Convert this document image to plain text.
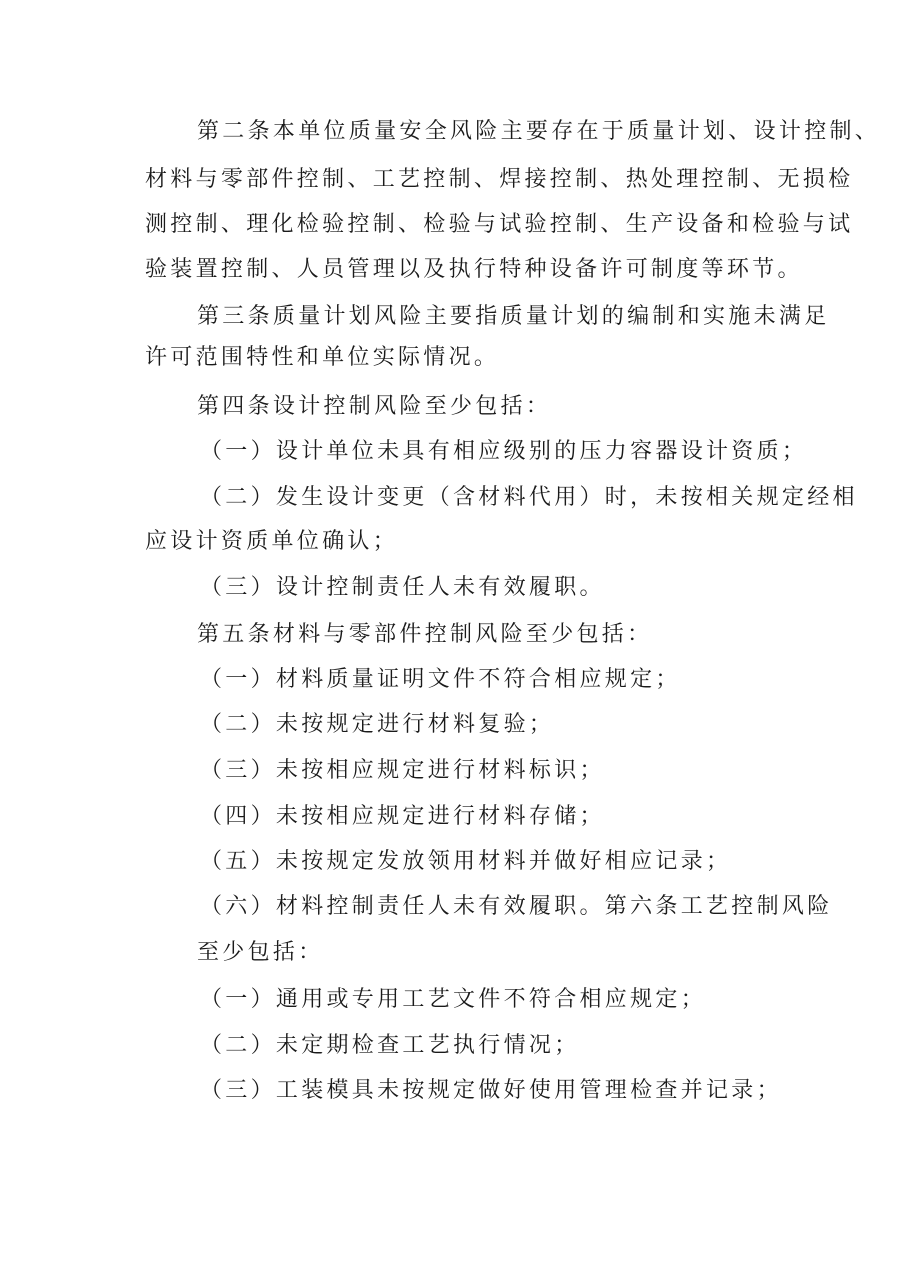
第二条本单位质量安全风险主要存在于质量计划、设计控制、
材料与零部件控制、工艺控制、焊接控制、热处理控制、无损检
测控制、理化检验控制、检验与试验控制、生产设备和检验与试
验装置控制、人员管理以及执行特种设备许可制度等环节。
第三条质量计划风险主要指质量计划的编制和实施未满足
许可范围特性和单位实际情况。
第四条设计控制风险至少包括：
（一）设计单位未具有相应级别的压力容器设计资质；
（二）发生设计变更（含材料代用）时，未按相关规定经相
应设计资质单位确认；
（三）设计控制责任人未有效履职。
第五条材料与零部件控制风险至少包括：
（一）材料质量证明文件不符合相应规定；
（二）未按规定进行材料复验；
（三）未按相应规定进行材料标识；
（四）未按相应规定进行材料存储；
（五）未按规定发放领用材料并做好相应记录；
（六）材料控制责任人未有效履职。第六条工艺控制风险
至少包括：
（一）通用或专用工艺文件不符合相应规定；
（二）未定期检查工艺执行情况；
（三）工装模具未按规定做好使用管理检查并记录；
